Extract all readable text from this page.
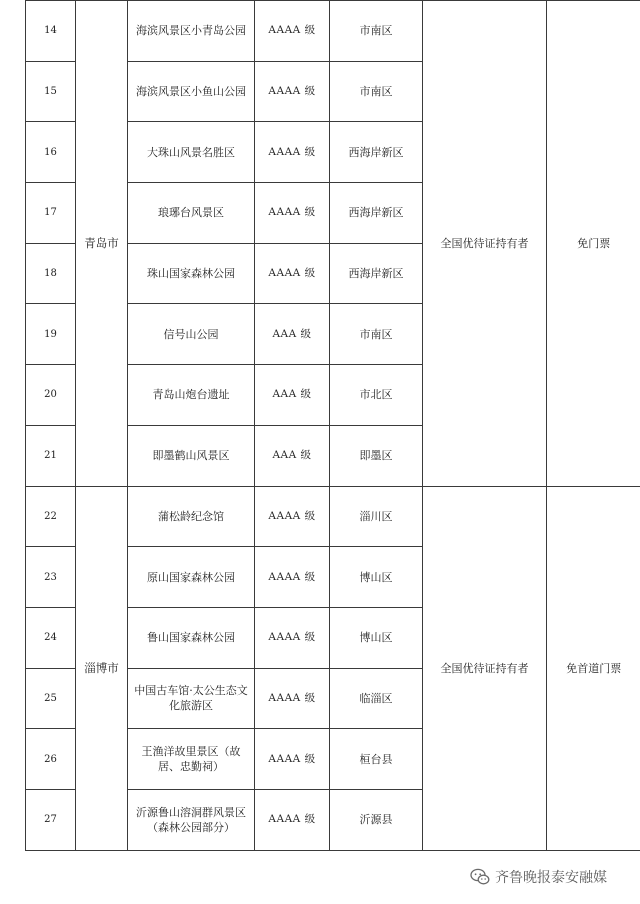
14	青岛市	海滨风景区小青岛公园	AAAA 级	市南区	全国优待证持有者	免门票
15		海滨风景区小鱼山公园	AAAA 级	市南区		
16		大珠山风景名胜区	AAAA 级	西海岸新区		
17		琅琊台风景区	AAAA 级	西海岸新区		
18		珠山国家森林公园	AAAA 级	西海岸新区		
19		信号山公园	AAA 级	市南区		
20		青岛山炮台遗址	AAA 级	市北区		
21		即墨鹤山风景区	AAA 级	即墨区		
22	淄博市	蒲松龄纪念馆	AAAA 级	淄川区	全国优待证持有者	免首道门票
23		原山国家森林公园	AAAA 级	博山区		
24		鲁山国家森林公园	AAAA 级	博山区		
25		中国古车馆·太公生态文化旅游区	AAAA 级	临淄区		
26		王渔洋故里景区（故居、忠勤祠）	AAAA 级	桓台县		
27		沂源鲁山溶洞群风景区（森林公园部分）	AAAA 级	沂源县		
齐鲁晚报泰安融媒
